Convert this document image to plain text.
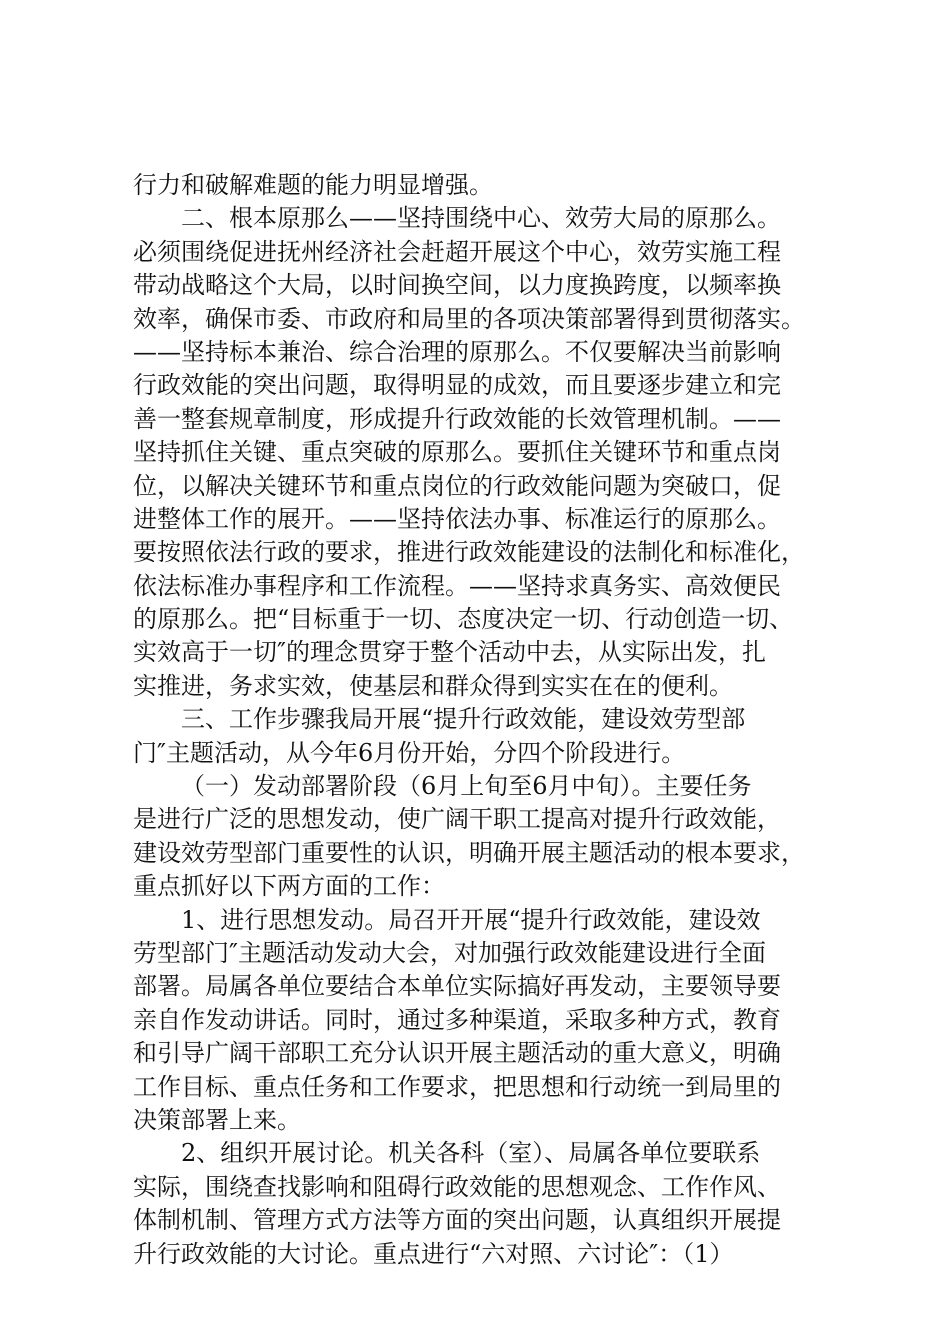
行力和破解难题的能力明显增强。
二、根本原那么——坚持围绕中心、效劳大局的原那么。
必须围绕促进抚州经济社会赶超开展这个中心，效劳实施工程
带动战略这个大局，以时间换空间，以力度换跨度，以频率换
效率，确保市委、市政府和局里的各项决策部署得到贯彻落实。
——坚持标本兼治、综合治理的原那么。不仅要解决当前影响
行政效能的突出问题，取得明显的成效，而且要逐步建立和完
善一整套规章制度，形成提升行政效能的长效管理机制。——
坚持抓住关键、重点突破的原那么。要抓住关键环节和重点岗
位，以解决关键环节和重点岗位的行政效能问题为突破口，促
进整体工作的展开。——坚持依法办事、标准运行的原那么。
要按照依法行政的要求，推进行政效能建设的法制化和标准化，
依法标准办事程序和工作流程。——坚持求真务实、高效便民
的原那么。把“目标重于一切、态度决定一切、行动创造一切、
实效高于一切″的理念贯穿于整个活动中去，从实际出发，扎
实推进，务求实效，使基层和群众得到实实在在的便利。
三、工作步骤我局开展“提升行政效能，建设效劳型部
门″主题活动，从今年6月份开始，分四个阶段进行。
（一）发动部署阶段（6月上旬至6月中旬）。主要任务
是进行广泛的思想发动，使广阔干职工提高对提升行政效能，
建设效劳型部门重要性的认识，明确开展主题活动的根本要求，
重点抓好以下两方面的工作：
1、进行思想发动。局召开开展“提升行政效能，建设效
劳型部门″主题活动发动大会，对加强行政效能建设进行全面
部署。局属各单位要结合本单位实际搞好再发动，主要领导要
亲自作发动讲话。同时，通过多种渠道，采取多种方式，教育
和引导广阔干部职工充分认识开展主题活动的重大意义，明确
工作目标、重点任务和工作要求，把思想和行动统一到局里的
决策部署上来。
2、组织开展讨论。机关各科（室）、局属各单位要联系
实际，围绕查找影响和阻碍行政效能的思想观念、工作作风、
体制机制、管理方式方法等方面的突出问题，认真组织开展提
升行政效能的大讨论。重点进行“六对照、六讨论″：（1）
